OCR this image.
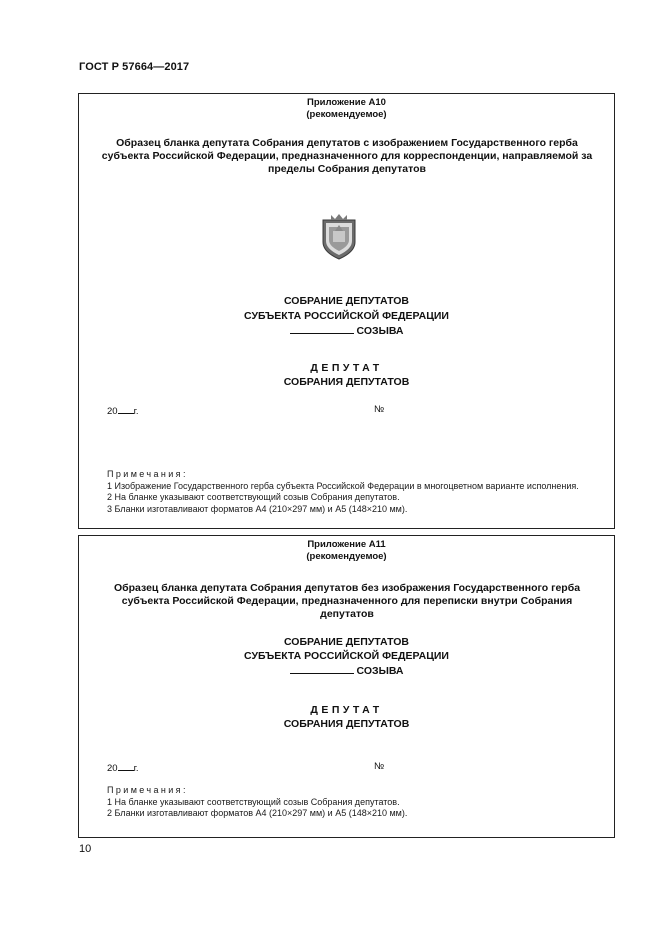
ГОСТ Р 57664—2017
Приложение А10
(рекомендуемое)
Образец бланка депутата Собрания депутатов с изображением Государственного герба субъекта Российской Федерации, предназначенного для корреспонденции, направляемой за пределы Собрания депутатов
СОБРАНИЕ ДЕПУТАТОВ
СУБЪЕКТА РОССИЙСКОЙ ФЕДЕРАЦИИ
СОЗЫВА
ДЕПУТАТ
СОБРАНИЯ ДЕПУТАТОВ
20 г.	№
Примечания:
1 Изображение Государственного герба субъекта Российской Федерации в многоцветном варианте исполнения.
2 На бланке указывают соответствующий созыв Собрания депутатов.
3 Бланки изготавливают форматов А4 (210×297 мм) и А5 (148×210 мм).
Приложение А11
(рекомендуемое)
Образец бланка депутата Собрания депутатов без изображения Государственного герба субъекта Российской Федерации, предназначенного для переписки внутри Собрания депутатов
СОБРАНИЕ ДЕПУТАТОВ
СУБЪЕКТА РОССИЙСКОЙ ФЕДЕРАЦИИ
СОЗЫВА
ДЕПУТАТ
СОБРАНИЯ ДЕПУТАТОВ
20 г.	№
Примечания:
1 На бланке указывают соответствующий созыв Собрания депутатов.
2 Бланки изготавливают форматов А4 (210×297 мм) и А5 (148×210 мм).
10
